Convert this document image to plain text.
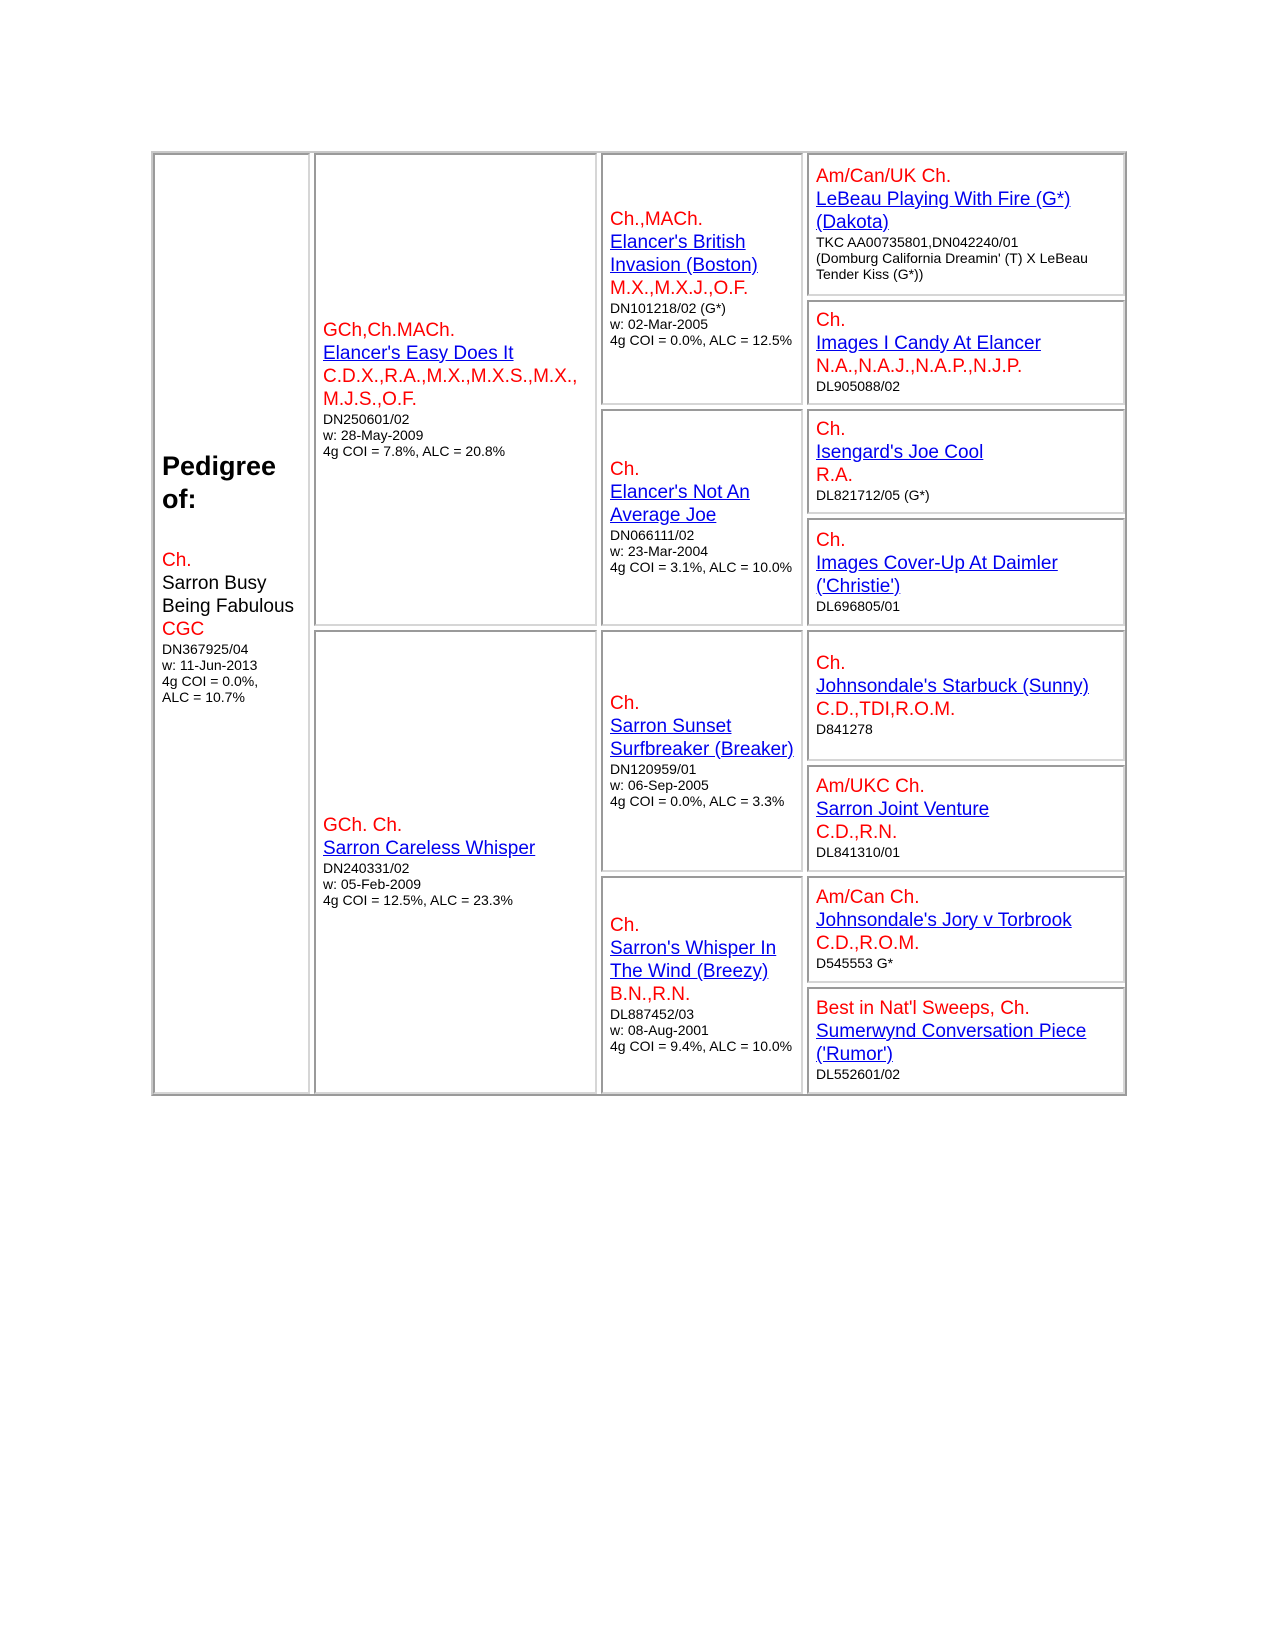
Pedigree of:
Ch.
Sarron Busy Being Fabulous
CGC
DN367925/04
w: 11-Jun-2013
4g COI = 0.0%,
ALC = 10.7%
GCh,Ch.MACh.
Elancer's Easy Does It
C.D.X.,R.A.,M.X.,M.X.S.,M.X.,M.J.S.,O.F.
DN250601/02
w: 28-May-2009
4g COI = 7.8%, ALC = 20.8%
GCh. Ch.
Sarron Careless Whisper
DN240331/02
w: 05-Feb-2009
4g COI = 12.5%, ALC = 23.3%
Ch.,MACh.
Elancer's British Invasion (Boston)
M.X.,M.X.J.,O.F.
DN101218/02 (G*)
w: 02-Mar-2005
4g COI = 0.0%, ALC = 12.5%
Ch.
Elancer's Not An Average Joe
DN066111/02
w: 23-Mar-2004
4g COI = 3.1%, ALC = 10.0%
Ch.
Sarron Sunset Surfbreaker (Breaker)
DN120959/01
w: 06-Sep-2005
4g COI = 0.0%, ALC = 3.3%
Ch.
Sarron's Whisper In The Wind (Breezy)
B.N.,R.N.
DL887452/03
w: 08-Aug-2001
4g COI = 9.4%, ALC = 10.0%
Am/Can/UK Ch.
LeBeau Playing With Fire (G*) (Dakota)
TKC AA00735801,DN042240/01
(Domburg California Dreamin' (T) X LeBeau Tender Kiss (G*))
Ch.
Images I Candy At Elancer
N.A.,N.A.J.,N.A.P.,N.J.P.
DL905088/02
Ch.
Isengard's Joe Cool
R.A.
DL821712/05 (G*)
Ch.
Images Cover-Up At Daimler ('Christie')
DL696805/01
Ch.
Johnsondale's Starbuck (Sunny)
C.D.,TDI,R.O.M.
D841278
Am/UKC Ch.
Sarron Joint Venture
C.D.,R.N.
DL841310/01
Am/Can Ch.
Johnsondale's Jory v Torbrook
C.D.,R.O.M.
D545553 G*
Best in Nat'l Sweeps, Ch.
Sumerwynd Conversation Piece ('Rumor')
DL552601/02
